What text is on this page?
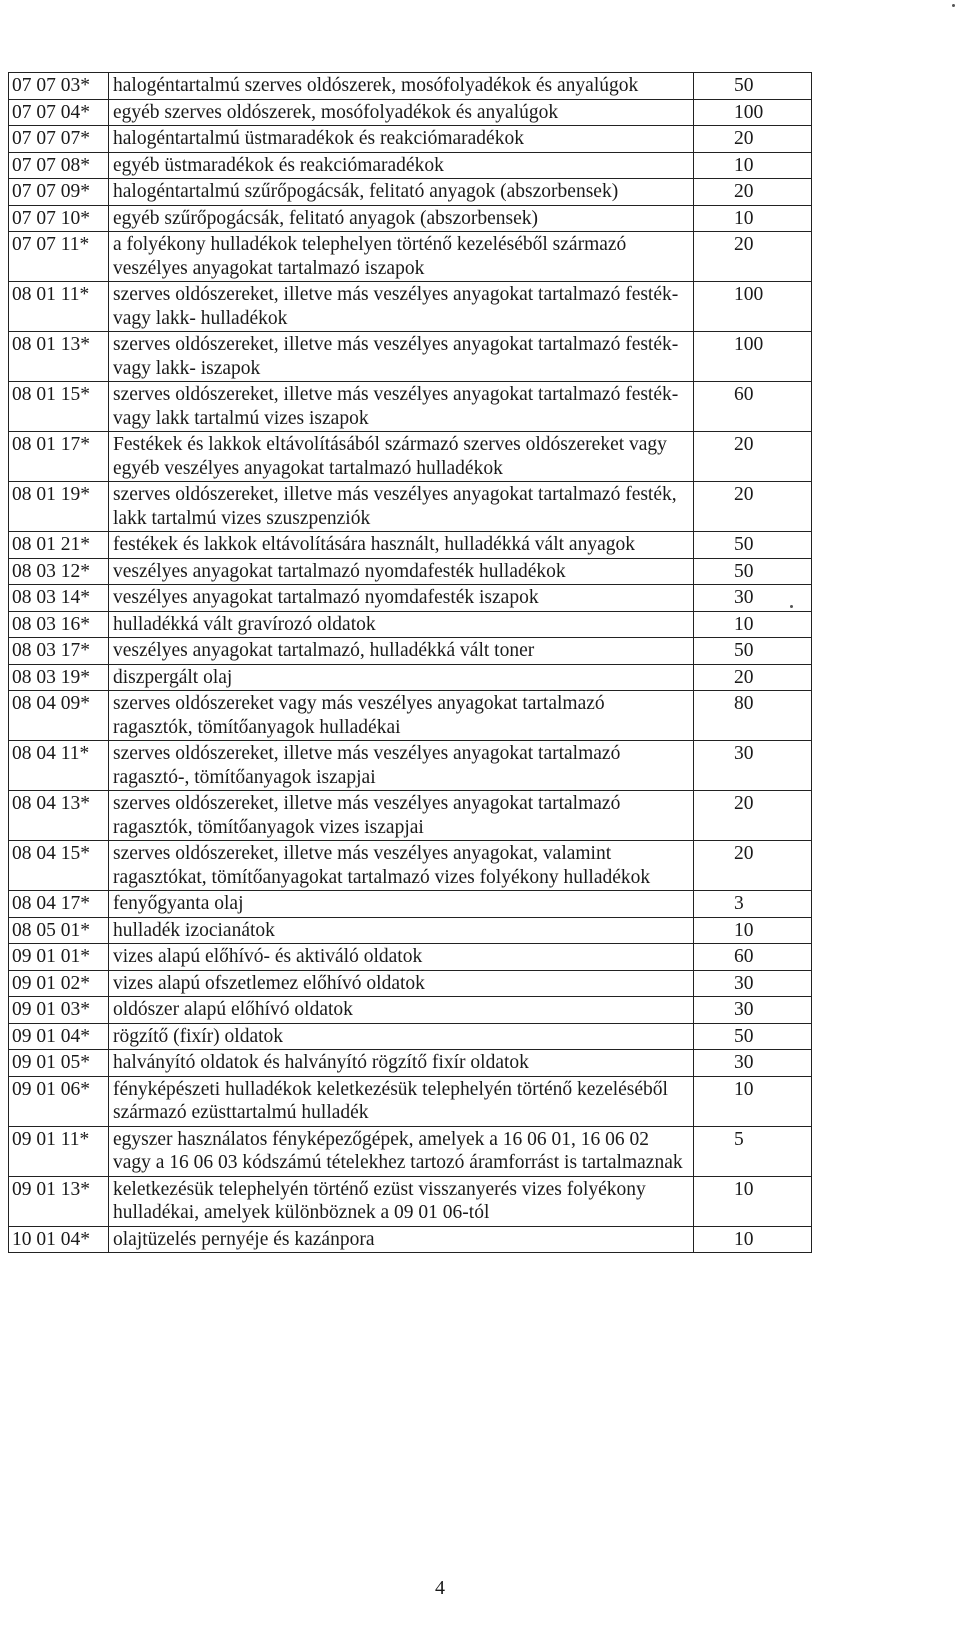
07 07 03*	halogéntartalmú szerves oldószerek, mosófolyadékok és anyalúgok	50
07 07 04*	egyéb szerves oldószerek, mosófolyadékok és anyalúgok	100
07 07 07*	halogéntartalmú üstmaradékok és reakciómaradékok	20
07 07 08*	egyéb üstmaradékok és reakciómaradékok	10
07 07 09*	halogéntartalmú szűrőpogácsák, felitató anyagok (abszorbensek)	20
07 07 10*	egyéb szűrőpogácsák, felitató anyagok (abszorbensek)	10
07 07 11*	a folyékony hulladékok telephelyen történő kezeléséből származó veszélyes anyagokat tartalmazó iszapok	20
08 01 11*	szerves oldószereket, illetve más veszélyes anyagokat tartalmazó festék- vagy lakk- hulladékok	100
08 01 13*	szerves oldószereket, illetve más veszélyes anyagokat tartalmazó festék- vagy lakk- iszapok	100
08 01 15*	szerves oldószereket, illetve más veszélyes anyagokat tartalmazó festék- vagy lakk tartalmú vizes iszapok	60
08 01 17*	Festékek és lakkok eltávolításából származó szerves oldószereket vagy egyéb veszélyes anyagokat tartalmazó hulladékok	20
08 01 19*	szerves oldószereket, illetve más veszélyes anyagokat tartalmazó festék, lakk tartalmú vizes szuszpenziók	20
08 01 21*	festékek és lakkok eltávolítására használt, hulladékká vált anyagok	50
08 03 12*	veszélyes anyagokat tartalmazó nyomdafesték hulladékok	50
08 03 14*	veszélyes anyagokat tartalmazó nyomdafesték iszapok	30
08 03 16*	hulladékká vált gravírozó oldatok	10
08 03 17*	veszélyes anyagokat tartalmazó, hulladékká vált toner	50
08 03 19*	diszpergált olaj	20
08 04 09*	szerves oldószereket vagy más veszélyes anyagokat tartalmazó ragasztók, tömítőanyagok hulladékai	80
08 04 11*	szerves oldószereket, illetve más veszélyes anyagokat tartalmazó ragasztó-, tömítőanyagok iszapjai	30
08 04 13*	szerves oldószereket, illetve más veszélyes anyagokat tartalmazó ragasztók, tömítőanyagok vizes iszapjai	20
08 04 15*	szerves oldószereket, illetve más veszélyes anyagokat, valamint ragasztókat, tömítőanyagokat tartalmazó vizes folyékony hulladékok	20
08 04 17*	fenyőgyanta olaj	3
08 05 01*	hulladék izocianátok	10
09 01 01*	vizes alapú előhívó- és aktiváló oldatok	60
09 01 02*	vizes alapú ofszetlemez előhívó oldatok	30
09 01 03*	oldószer alapú előhívó oldatok	30
09 01 04*	rögzítő (fixír) oldatok	50
09 01 05*	halványító oldatok és halványító rögzítő fixír oldatok	30
09 01 06*	fényképészeti hulladékok keletkezésük telephelyén történő kezeléséből származó ezüsttartalmú hulladék	10
09 01 11*	egyszer használatos fényképezőgépek, amelyek a 16 06 01, 16 06 02 vagy a 16 06 03 kódszámú tételekhez tartozó áramforrást is tartalmaznak	5
09 01 13*	keletkezésük telephelyén történő ezüst visszanyerés vizes folyékony hulladékai, amelyek különböznek a 09 01 06-tól	10
10 01 04*	olajtüzelés pernyéje és kazánpora	10
4
